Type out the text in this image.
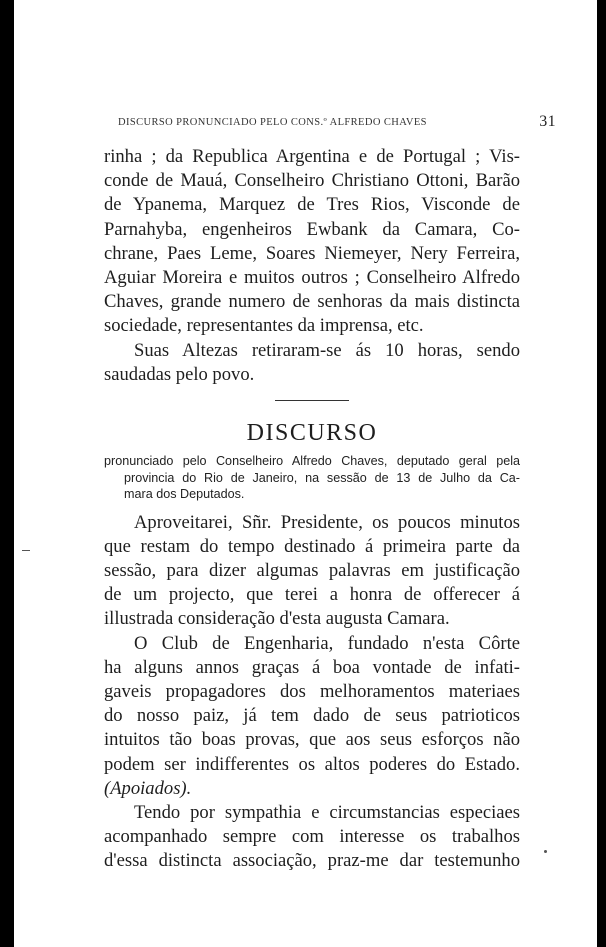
DISCURSO PRONUNCIADO PELO CONS.º ALFREDO CHAVES	31
rinha ; da Republica Argentina e de Portugal ; Vis-
conde de Mauá, Conselheiro Christiano Ottoni, Barão
de Ypanema, Marquez de Tres Rios, Visconde de
Parnahyba, engenheiros Ewbank da Camara, Co-
chrane, Paes Leme, Soares Niemeyer, Nery Ferreira,
Aguiar Moreira e muitos outros ; Conselheiro Alfredo
Chaves, grande numero de senhoras da mais distincta
sociedade, representantes da imprensa, etc.
Suas Altezas retiraram-se ás 10 horas, sendo
saudadas pelo povo.
DISCURSO
pronunciado pelo Conselheiro Alfredo Chaves, deputado geral pela
provincia do Rio de Janeiro, na sessão de 13 de Julho da Ca-
mara dos Deputados.
Aproveitarei, Sñr. Presidente, os poucos minutos
que restam do tempo destinado á primeira parte da
sessão, para dizer algumas palavras em justificação
de um projecto, que terei a honra de offerecer á
illustrada consideração d'esta augusta Camara.
O Club de Engenharia, fundado n'esta Côrte
ha alguns annos graças á boa vontade de infati-
gaveis propagadores dos melhoramentos materiaes
do nosso paiz, já tem dado de seus patrioticos
intuitos tão boas provas, que aos seus esforços não
podem ser indifferentes os altos poderes do Estado.
(Apoiados).
Tendo por sympathia e circumstancias especiaes
acompanhado sempre com interesse os trabalhos
d'essa distincta associação, praz-me dar testemunho
